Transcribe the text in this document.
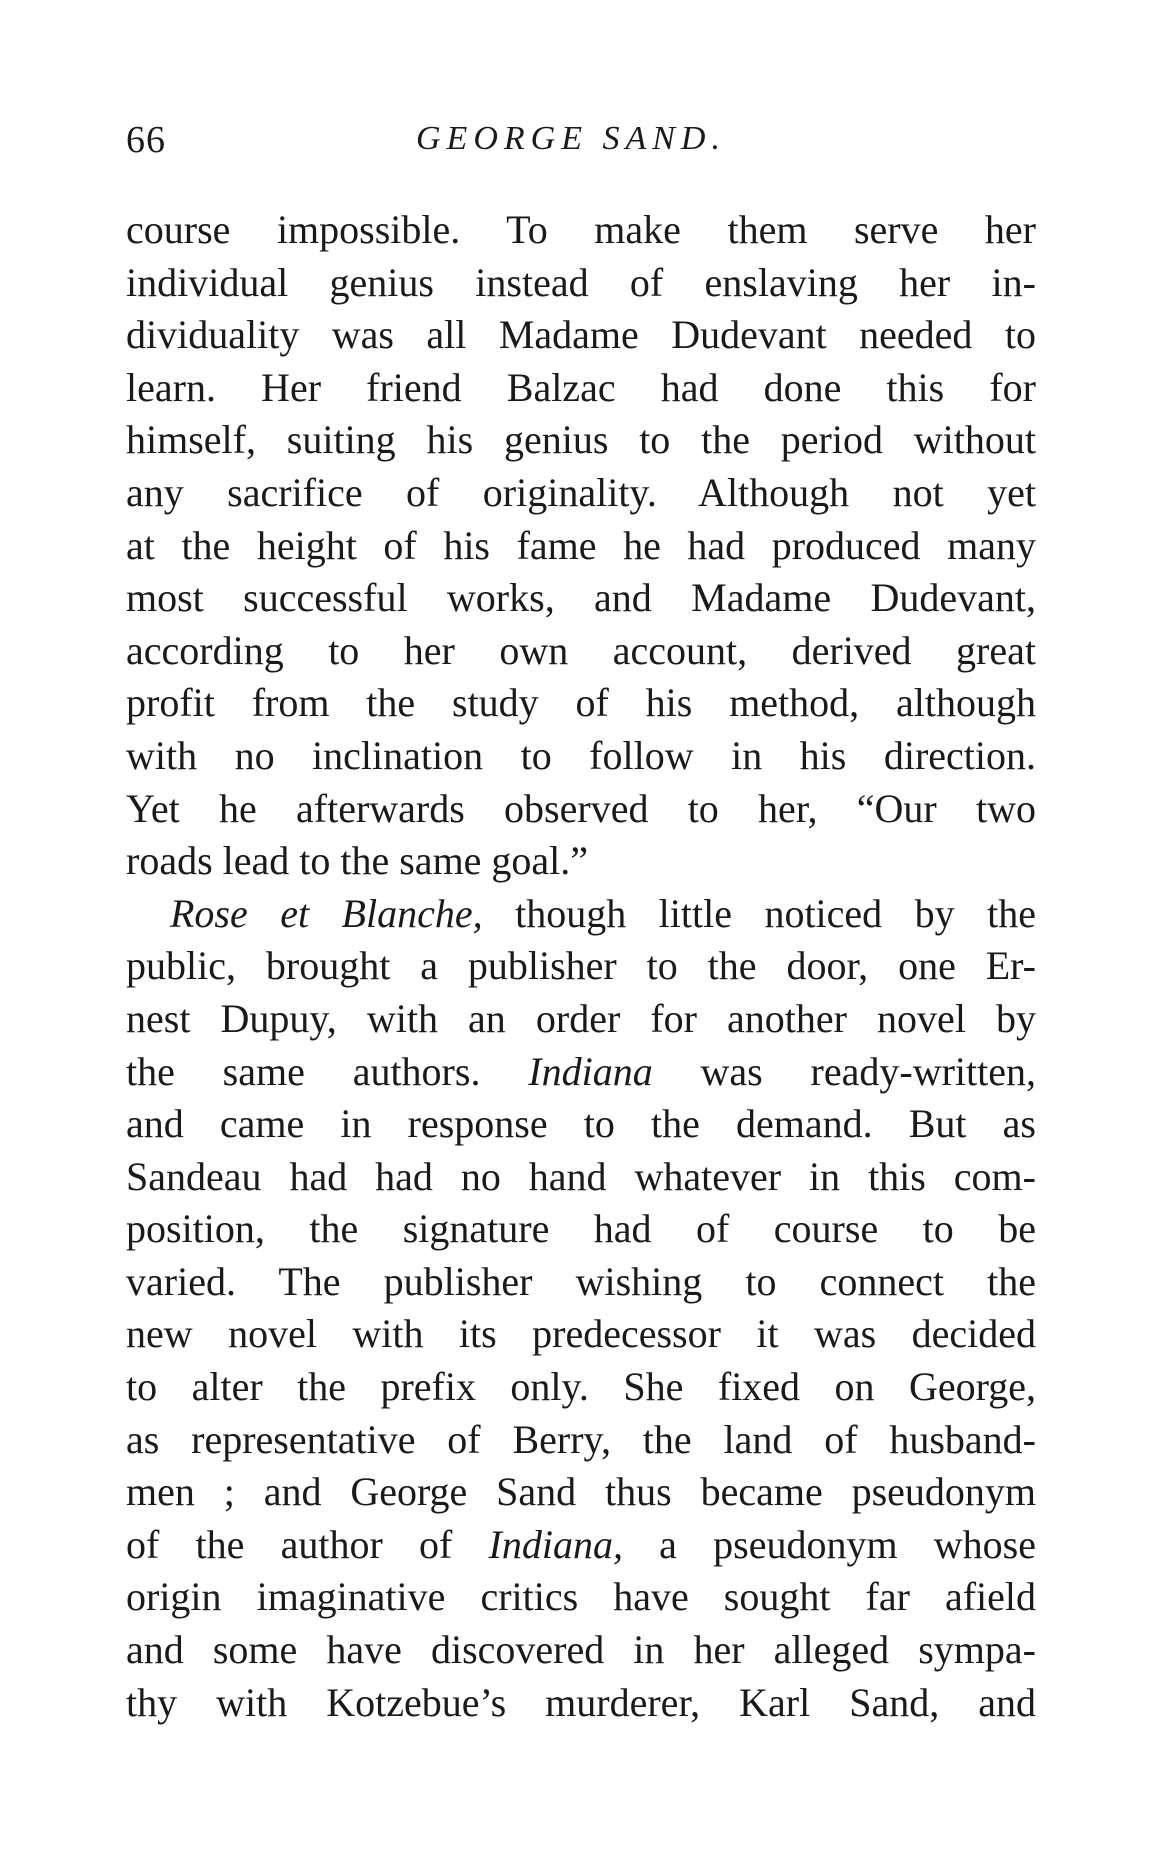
66	GEORGE SAND.
course impossible. To make them serve her
individual genius instead of enslaving her in-
dividuality was all Madame Dudevant needed to
learn. Her friend Balzac had done this for
himself, suiting his genius to the period without
any sacrifice of originality. Although not yet
at the height of his fame he had produced many
most successful works, and Madame Dudevant,
according to her own account, derived great
profit from the study of his method, although
with no inclination to follow in his direction.
Yet he afterwards observed to her, “Our two
roads lead to the same goal.”
Rose et Blanche, though little noticed by the
public, brought a publisher to the door, one Er-
nest Dupuy, with an order for another novel by
the same authors. Indiana was ready-written,
and came in response to the demand. But as
Sandeau had had no hand whatever in this com-
position, the signature had of course to be
varied. The publisher wishing to connect the
new novel with its predecessor it was decided
to alter the prefix only. She fixed on George,
as representative of Berry, the land of husband-
men ; and George Sand thus became pseudonym
of the author of Indiana, a pseudonym whose
origin imaginative critics have sought far afield
and some have discovered in her alleged sympa-
thy with Kotzebue’s murderer, Karl Sand, and
